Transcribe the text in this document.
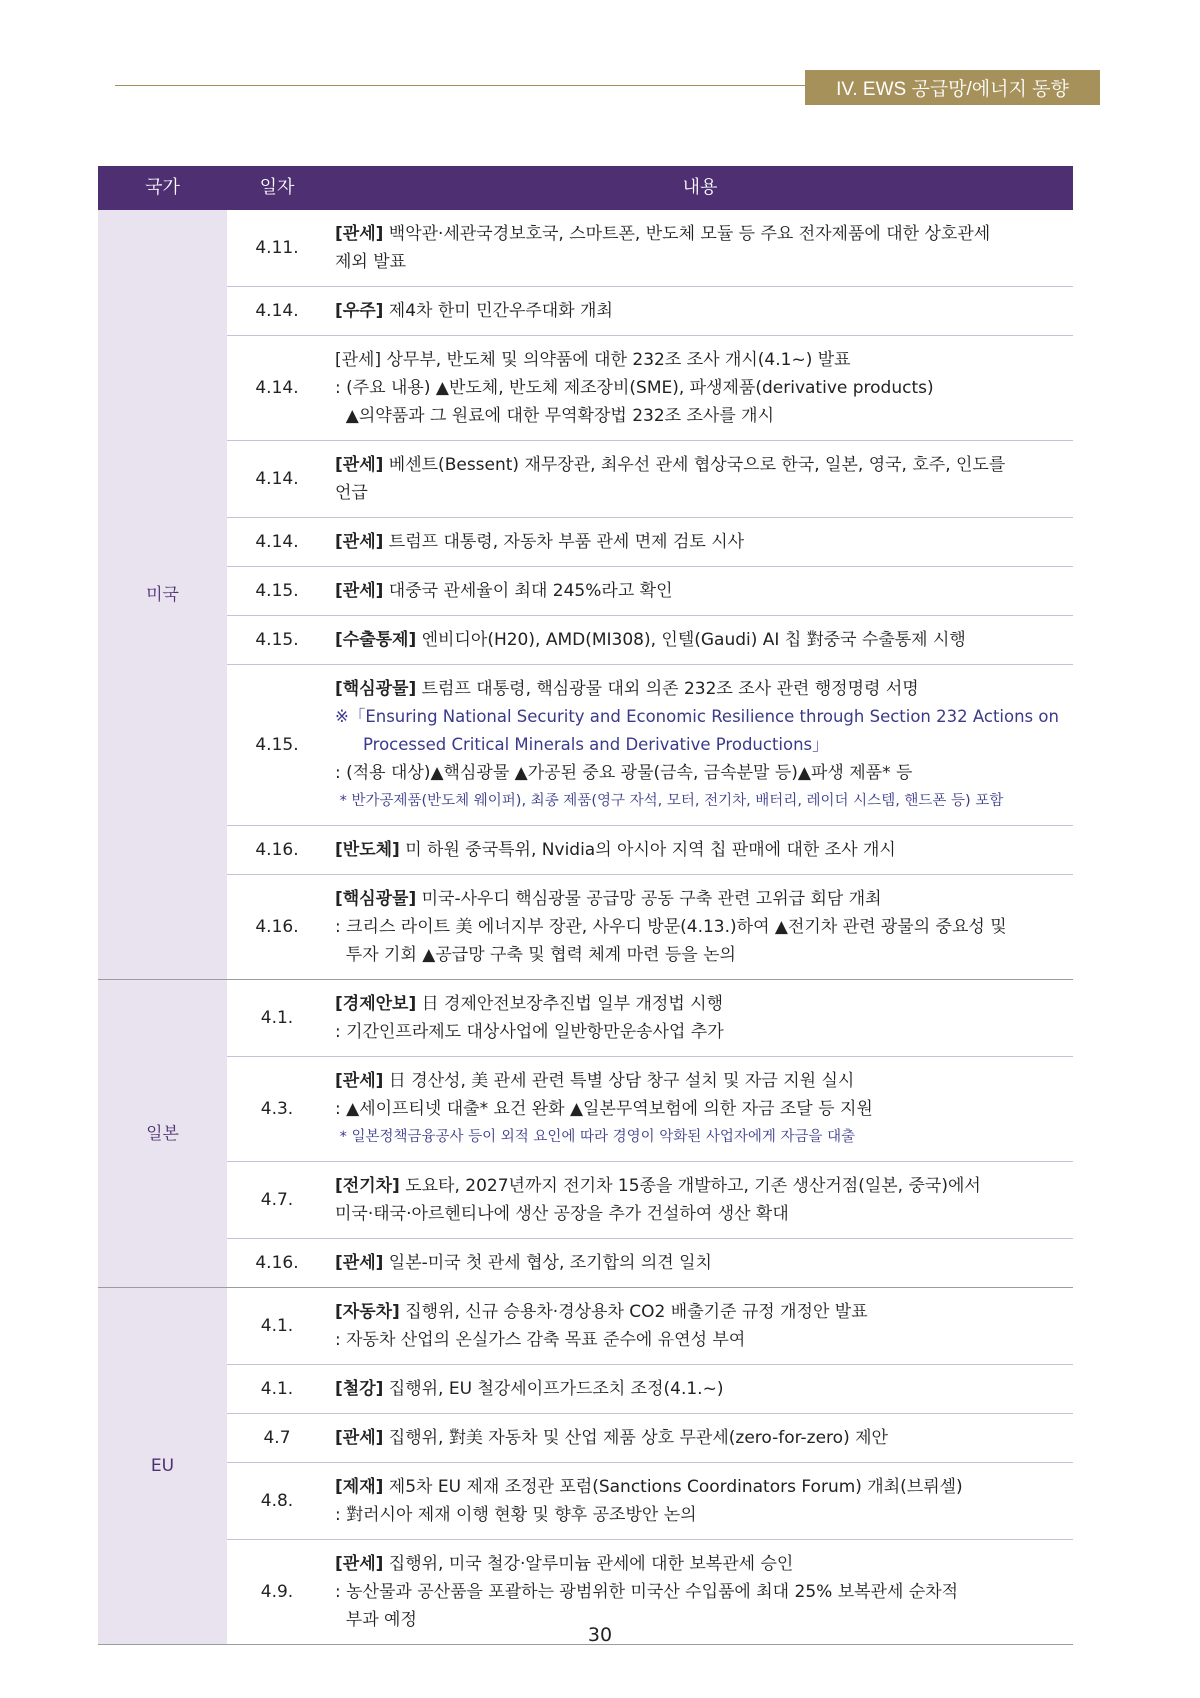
IV. EWS 공급망/에너지 동향
국가	일자	내용
미국	4.11.	[관세] 백악관·세관국경보호국, 스마트폰, 반도체 모듈 등 주요 전자제품에 대한 상호관세
제외 발표

	4.14.	[우주] 제4차 한미 민간우주대화 개최

	4.14.	[관세] 상무부, 반도체 및 의약품에 대한 232조 조사 개시(4.1~) 발표
: (주요 내용) ▲반도체, 반도체 제조장비(SME), 파생제품(derivative products)
▲의약품과 그 원료에 대한 무역확장법 232조 조사를 개시

	4.14.	[관세] 베센트(Bessent) 재무장관, 최우선 관세 협상국으로 한국, 일본, 영국, 호주, 인도를
언급

	4.14.	[관세] 트럼프 대통령, 자동차 부품 관세 면제 검토 시사

	4.15.	[관세] 대중국 관세율이 최대 245%라고 확인

	4.15.	[수출통제] 엔비디아(H20), AMD(MI308), 인텔(Gaudi) AI 칩 對중국 수출통제 시행

	4.15.	[핵심광물] 트럼프 대통령, 핵심광물 대외 의존 232조 조사 관련 행정명령 서명
※「Ensuring National Security and Economic Resilience through Section 232 Actions on
Processed Critical Minerals and Derivative Productions」
: (적용 대상)▲핵심광물 ▲가공된 중요 광물(금속, 금속분말 등)▲파생 제품* 등
* 반가공제품(반도체 웨이퍼), 최종 제품(영구 자석, 모터, 전기차, 배터리, 레이더 시스템, 핸드폰 등) 포함

	4.16.	[반도체] 미 하원 중국특위, Nvidia의 아시아 지역 칩 판매에 대한 조사 개시

	4.16.	[핵심광물] 미국-사우디 핵심광물 공급망 공동 구축 관련 고위급 회담 개최
: 크리스 라이트 美 에너지부 장관, 사우디 방문(4.13.)하여 ▲전기차 관련 광물의 중요성 및
투자 기회 ▲공급망 구축 및 협력 체계 마련 등을 논의

일본	4.1.	[경제안보] 日 경제안전보장추진법 일부 개정법 시행
: 기간인프라제도 대상사업에 일반항만운송사업 추가

	4.3.	[관세] 日 경산성, 美 관세 관련 특별 상담 창구 설치 및 자금 지원 실시
: ▲세이프티넷 대출* 요건 완화 ▲일본무역보험에 의한 자금 조달 등 지원
* 일본정책금융공사 등이 외적 요인에 따라 경영이 악화된 사업자에게 자금을 대출

	4.7.	[전기차] 도요타, 2027년까지 전기차 15종을 개발하고, 기존 생산거점(일본, 중국)에서
미국·태국·아르헨티나에 생산 공장을 추가 건설하여 생산 확대

	4.16.	[관세] 일본-미국 첫 관세 협상, 조기합의 의견 일치

EU	4.1.	[자동차] 집행위, 신규 승용차·경상용차 CO2 배출기준 규정 개정안 발표
: 자동차 산업의 온실가스 감축 목표 준수에 유연성 부여

	4.1.	[철강] 집행위, EU 철강세이프가드조치 조정(4.1.~)

	4.7	[관세] 집행위, 對美 자동차 및 산업 제품 상호 무관세(zero-for-zero) 제안

	4.8.	[제재] 제5차 EU 제재 조정관 포럼(Sanctions Coordinators Forum) 개최(브뤼셀)
: 對러시아 제재 이행 현황 및 향후 공조방안 논의

	4.9.	[관세] 집행위, 미국 철강·알루미늄 관세에 대한 보복관세 승인
: 농산물과 공산품을 포괄하는 광범위한 미국산 수입품에 최대 25% 보복관세 순차적
부과 예정
30
